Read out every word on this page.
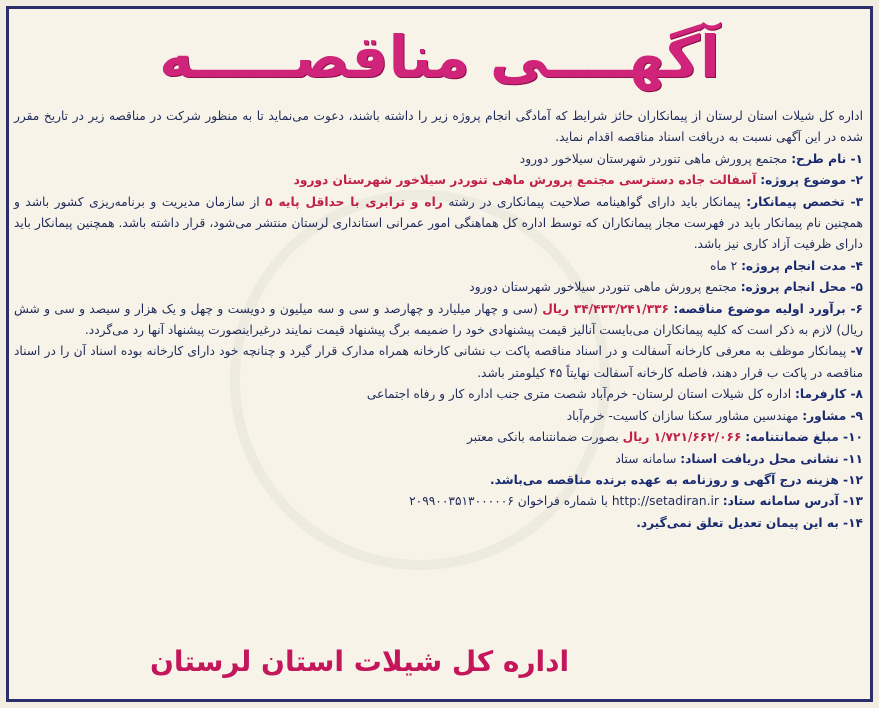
آگهــــی مناقصـــــه

اداره کل شیلات استان لرستان از پیمانکاران حائز شرایط که آمادگی انجام پروژه زیر را داشته باشند، دعوت می‌نماید تا به منظور شرکت در مناقصه زیر در تاریخ مقرر شده در این آگهی نسبت به دریافت اسناد مناقصه اقدام نماید.

۱- نام طرح: مجتمع پرورش ماهی تنوردر شهرستان سیلاخور دورود

۲- موضوع پروژه: آسفالت جاده دسترسی مجتمع پرورش ماهی تنوردر سیلاخور شهرستان دورود

۳- تخصص پیمانکار: پیمانکار باید دارای گواهینامه صلاحیت پیمانکاری در رشته راه و ترابری با حداقل پایه ۵ از سازمان مدیریت و برنامه‌ریزی کشور باشد و همچنین نام پیمانکار باید در فهرست مجاز پیمانکاران که توسط اداره کل هماهنگی امور عمرانی استانداری لرستان منتشر می‌شود، قرار داشته باشد. همچنین پیمانکار باید دارای ظرفیت آزاد کاری نیز باشد.

۴- مدت انجام پروژه: ۲ ماه

۵- محل انجام پروژه: مجتمع پرورش ماهی تنوردر سیلاخور شهرستان دورود

۶- برآورد اولیه موضوع مناقصه: ۳۴/۴۳۳/۲۴۱/۳۳۶ ریال (سی و چهار میلیارد و چهارصد و سی و سه میلیون و دویست و چهل و یک هزار و سیصد و سی و شش ریال) لازم به ذکر است که کلیه پیمانکاران می‌بایست آنالیز قیمت پیشنهادی خود را ضمیمه برگ پیشنهاد قیمت نمایند درغیراینصورت پیشنهاد آنها رد می‌گردد.

۷- پیمانکار موظف به معرفی کارخانه آسفالت و در اسناد مناقصه پاکت ب نشانی کارخانه همراه مدارک قرار گیرد و چنانچه خود دارای کارخانه بوده اسناد آن را در اسناد مناقصه در پاکت ب قرار دهند، فاصله کارخانه آسفالت نهایتاً ۴۵ کیلومتر باشد.

۸- کارفرما: اداره کل شیلات استان لرستان- خرم‌آباد شصت متری جنب اداره کار و رفاه اجتماعی

۹- مشاور: مهندسین مشاور سکنا سازان کاسیت- خرم‌آباد

۱۰- مبلغ ضمانتنامه: ۱/۷۲۱/۶۶۲/۰۶۶ ریال بصورت ضمانتنامه بانکی معتبر

۱۱- نشانی محل دریافت اسناد: سامانه ستاد

۱۲- هزینه درج آگهی و روزنامه به عهده برنده مناقصه می‌باشد.

۱۳- آدرس سامانه ستاد: http://setadiran.ir با شماره فراخوان ۲۰۹۹۰۰۳۵۱۳۰۰۰۰۰۶

۱۴- به این پیمان تعدیل تعلق نمی‌گیرد.

اداره کل شیلات استان لرستان
